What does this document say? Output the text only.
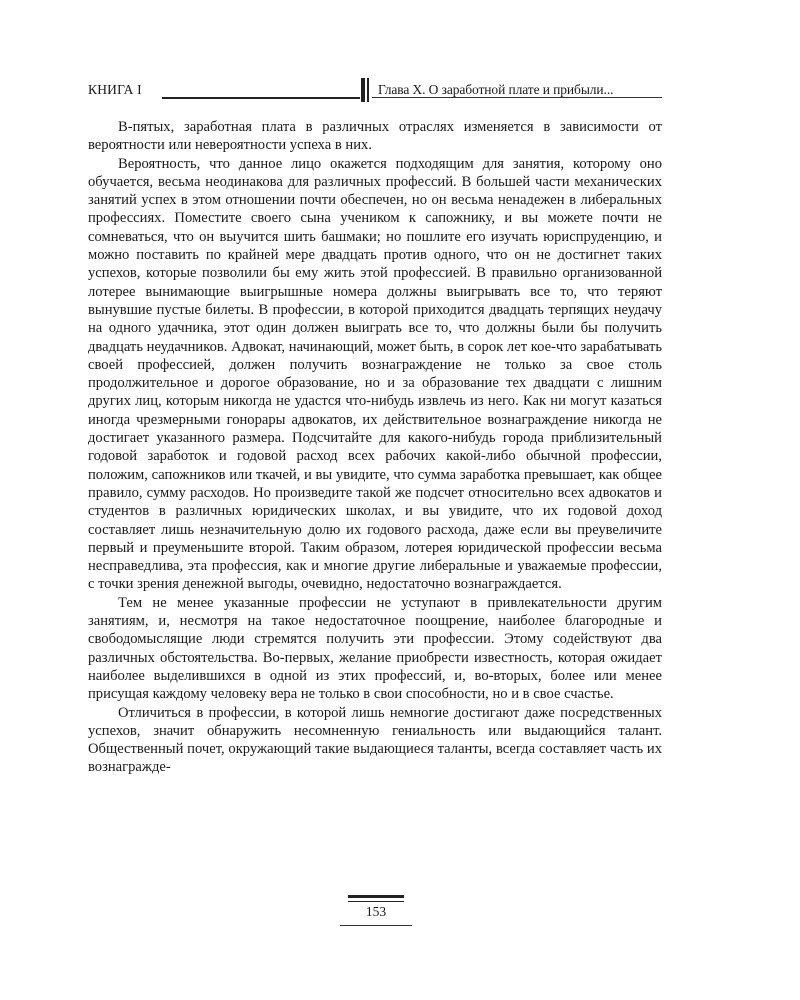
КНИГА I	Глава X. О заработной плате и прибыли...

В-пятых, заработная плата в различных отраслях изменяется в зависимости от вероятности или невероятности успеха в них.

Вероятность, что данное лицо окажется подходящим для занятия, которому оно обучается, весьма неодинакова для различных профессий. В большей части механических занятий успех в этом отношении почти обеспечен, но он весьма ненадежен в либеральных профессиях. Поместите своего сына учеником к сапожнику, и вы можете почти не сомневаться, что он выучится шить башмаки; но пошлите его изучать юриспруденцию, и можно поставить по крайней мере двадцать против одного, что он не достигнет таких успехов, которые позволили бы ему жить этой профессией. В правильно организованной лотерее вынимающие выигрышные номера должны выигрывать все то, что теряют вынувшие пустые билеты. В профессии, в которой приходится двадцать терпящих неудачу на одного удачника, этот один должен выиграть все то, что должны были бы получить двадцать неудачников. Адвокат, начинающий, может быть, в сорок лет кое-что зарабатывать своей профессией, должен получить вознаграждение не только за свое столь продолжительное и дорогое образование, но и за образование тех двадцати с лишним других лиц, которым никогда не удастся что-нибудь извлечь из него. Как ни могут казаться иногда чрезмерными гонорары адвокатов, их действительное вознаграждение никогда не достигает указанного размера. Подсчитайте для какого-нибудь города приблизительный годовой заработок и годовой расход всех рабочих какой-либо обычной профессии, положим, сапожников или ткачей, и вы увидите, что сумма заработка превышает, как общее правило, сумму расходов. Но произведите такой же подсчет относительно всех адвокатов и студентов в различных юридических школах, и вы увидите, что их годовой доход составляет лишь незначительную долю их годового расхода, даже если вы преувеличите первый и преуменьшите второй. Таким образом, лотерея юридической профессии весьма несправедлива, эта профессия, как и многие другие либеральные и уважаемые профессии, с точки зрения денежной выгоды, очевидно, недостаточно вознаграждается.

Тем не менее указанные профессии не уступают в привлекательности другим занятиям, и, несмотря на такое недостаточное поощрение, наиболее благородные и свободомыслящие люди стремятся получить эти профессии. Этому содействуют два различных обстоятельства. Во-первых, желание приобрести известность, которая ожидает наиболее выделившихся в одной из этих профессий, и, во-вторых, более или менее присущая каждому человеку вера не только в свои способности, но и в свое счастье.

Отличиться в профессии, в которой лишь немногие достигают даже посредственных успехов, значит обнаружить несомненную гениальность или выдающийся талант. Общественный почет, окружающий такие выдающиеся таланты, всегда составляет часть их вознагражде-

153
